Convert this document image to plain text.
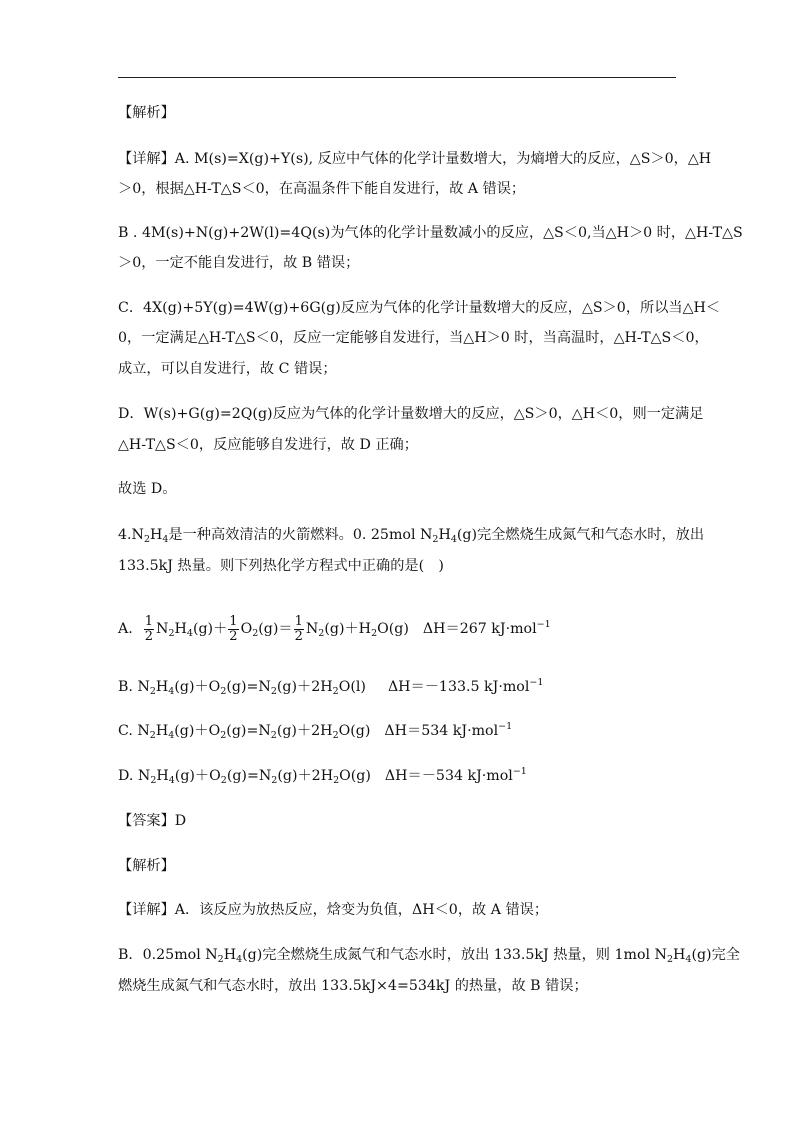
【解析】
【详解】A. M(s)=X(g)+Y(s), 反应中气体的化学计量数增大，为熵增大的反应，△S＞0，△H
＞0，根据△H-T△S＜0，在高温条件下能自发进行，故 A 错误；
B . 4M(s)+N(g)+2W(l)=4Q(s)为气体的化学计量数减小的反应，△S＜0,当△H＞0 时，△H-T△S
＞0，一定不能自发进行，故 B 错误；
C．4X(g)+5Y(g)=4W(g)+6G(g)反应为气体的化学计量数增大的反应，△S＞0，所以当△H＜
0，一定满足△H-T△S＜0，反应一定能够自发进行，当△H＞0 时，当高温时，△H-T△S＜0，
成立，可以自发进行，故 C 错误；
D．W(s)+G(g)=2Q(g)反应为气体的化学计量数增大的反应，△S＞0，△H＜0，则一定满足
△H-T△S＜0，反应能够自发进行，故 D 正确；
故选 D。
$4.N_2H_4$是一种高效清洁的火箭燃料。0. 25mol $N_2H_4(g)$完全燃烧生成氮气和气态水时，放出
133.5kJ 热量。则下列热化学方程式中正确的是(　)
A. $\frac{1}{2} N_2H_4(g)+ \frac{1}{2} O_2(g)= \frac{1}{2} N_2(g)+H_2O(g)$ ΔH＝267 kJ·mol$^{-1}$
B. $N_2H_4(g)+O_2(g)=N_2(g)+2H_2O(l)$ ΔH＝－133.5 kJ·mol$^{-1}$
C. $N_2H_4(g)+O_2(g)=N_2(g)+2H_2O(g)$ ΔH＝534 kJ·mol$^{-1}$
D. $N_2H_4(g)+O_2(g)=N_2(g)+2H_2O(g)$ ΔH＝－534 kJ·mol$^{-1}$
【答案】D
【解析】
【详解】A．该反应为放热反应，焓变为负值，ΔH＜0，故 A 错误；
B．0.25mol $N_2H_4(g)$完全燃烧生成氮气和气态水时，放出 133.5kJ 热量，则 1mol $N_2H_4(g)$完全
燃烧生成氮气和气态水时，放出 133.5kJ×4=534kJ 的热量，故 B 错误；
